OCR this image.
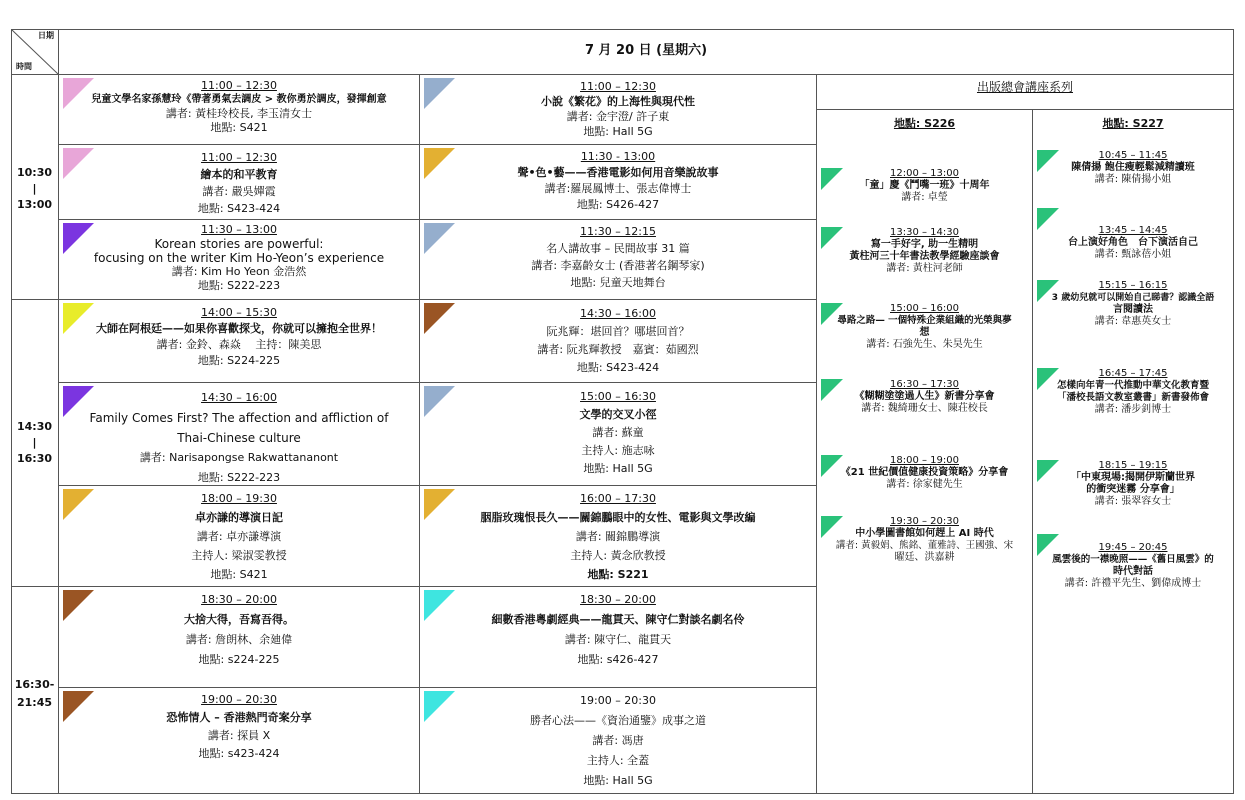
日期
時間
7 月 20 日 (星期六)
10:30
|
13:00
14:30
|
16:30
16:30-
21:45
11:00 – 12:30
兒童文學名家孫慧玲《帶著勇氣去調皮 > 教你勇於調皮，發揮創意
講者: 黃桂玲校長, 李玉清女士
地點: S421
11:00 – 12:30
繪本的和平教育
講者: 嚴吳嬋霞
地點: S423-424
11:30 – 13:00
Korean stories are powerful:
focusing on the writer Kim Ho-Yeon’s experience
講者: Kim Ho Yeon 金浩然
地點: S222-223
14:00 – 15:30
大師在阿根廷——如果你喜歡探戈，你就可以擁抱全世界！
講者: 金鈴、森焱　 主持：陳美思
地點: S224-225
14:30 – 16:00
Family Comes First? The affection and affliction of
Thai-Chinese culture
講者: Narisapongse Rakwattananont
地點: S222-223
18:00 – 19:30
卓亦謙的導演日記
講者: 卓亦謙導演
主持人: 梁淑雯教授
地點: S421
18:30 – 20:00
大捨大得，吾寫吾得。
講者: 詹朗林、余廸偉
地點: s224-225
19:00 – 20:30
恐怖情人 – 香港熱門奇案分享
講者: 探員 X
地點: s423-424
11:00 – 12:30
小說《繁花》的上海性與現代性
講者: 金宇澄/ 許子東
地點: Hall 5G
11:30 - 13:00
聲•色•藝——香港電影如何用音樂說故事
講者:羅展鳳博士、張志偉博士
地點: S426-427
11:30 – 12:15
名人講故事 – 民間故事 31 篇
講者: 李嘉齡女士 (香港著名鋼琴家)
地點: 兒童天地舞台
14:30 – 16:00
阮兆輝：堪回首？哪堪回首？
講者: 阮兆輝教授　嘉賓：茹國烈
地點: S423-424
15:00 – 16:30
文學的交叉小徑
講者: 蘇童
主持人: 施志咏
地點: Hall 5G
16:00 – 17:30
胭脂玫瑰恨長久——關錦鵬眼中的女性、電影與文學改編
講者: 關錦鵬導演
主持人: 黃念欣教授
地點: S221
18:30 – 20:00
細數香港粵劇經典——龍貫天、陳守仁對談名劇名伶
講者: 陳守仁、龍貫天
地點: s426-427
19:00 – 20:30
勝者心法——《資治通鑒》成事之道
講者: 馮唐
主持人: 全蓋
地點: Hall 5G
出版總會講座系列
地點: S226	地點: S227
12:00 – 13:00
「童」慶《鬥嘴一班》十周年
講者: 卓瑩
13:30 – 14:30
寫一手好字, 助一生精明
黃柱河三十年書法教學經驗座談會
講者: 黃柱河老師
15:00 – 16:00
尋路之路— 一個特殊企業組織的光榮與夢
想
講者: 石強先生、朱昊先生
16:30 – 17:30
《糊糊塗塗過人生》新書分享會
講者: 魏綺珊女士、陳荘校長
18:00 – 19:00
《21 世紀價值健康投資策略》分享會
講者: 徐家健先生
19:30 – 20:30
中小學圖書館如何趕上 AI 時代
講者: 黃毅娟、熊銘、董雅詩、王國強、宋
曜廷、洪嘉耕
10:45 – 11:45
陳倩揚 飽住瘦輕鬆減精讀班
講者: 陳倩揚小姐
13:45 – 14:45
台上演好角色　台下演活自己
講者: 甄詠蓓小姐
15:15 – 16:15
3 歲幼兒就可以開始自己睇書？認識全語
言閱讀法
講者: 韋惠英女士
16:45 – 17:45
怎樣向年青一代推動中華文化教育暨
「潘校長語文教室叢書」新書發佈會
講者: 潘步釗博士
18:15 – 19:15
「中東現場:揭開伊斯蘭世界
的衝突迷霧 分享會」
講者: 張翠容女士
19:45 – 20:45
風雲後的一襟晚照——《舊日風雲》的
時代對話
講者: 許禮平先生、劉偉成博士
